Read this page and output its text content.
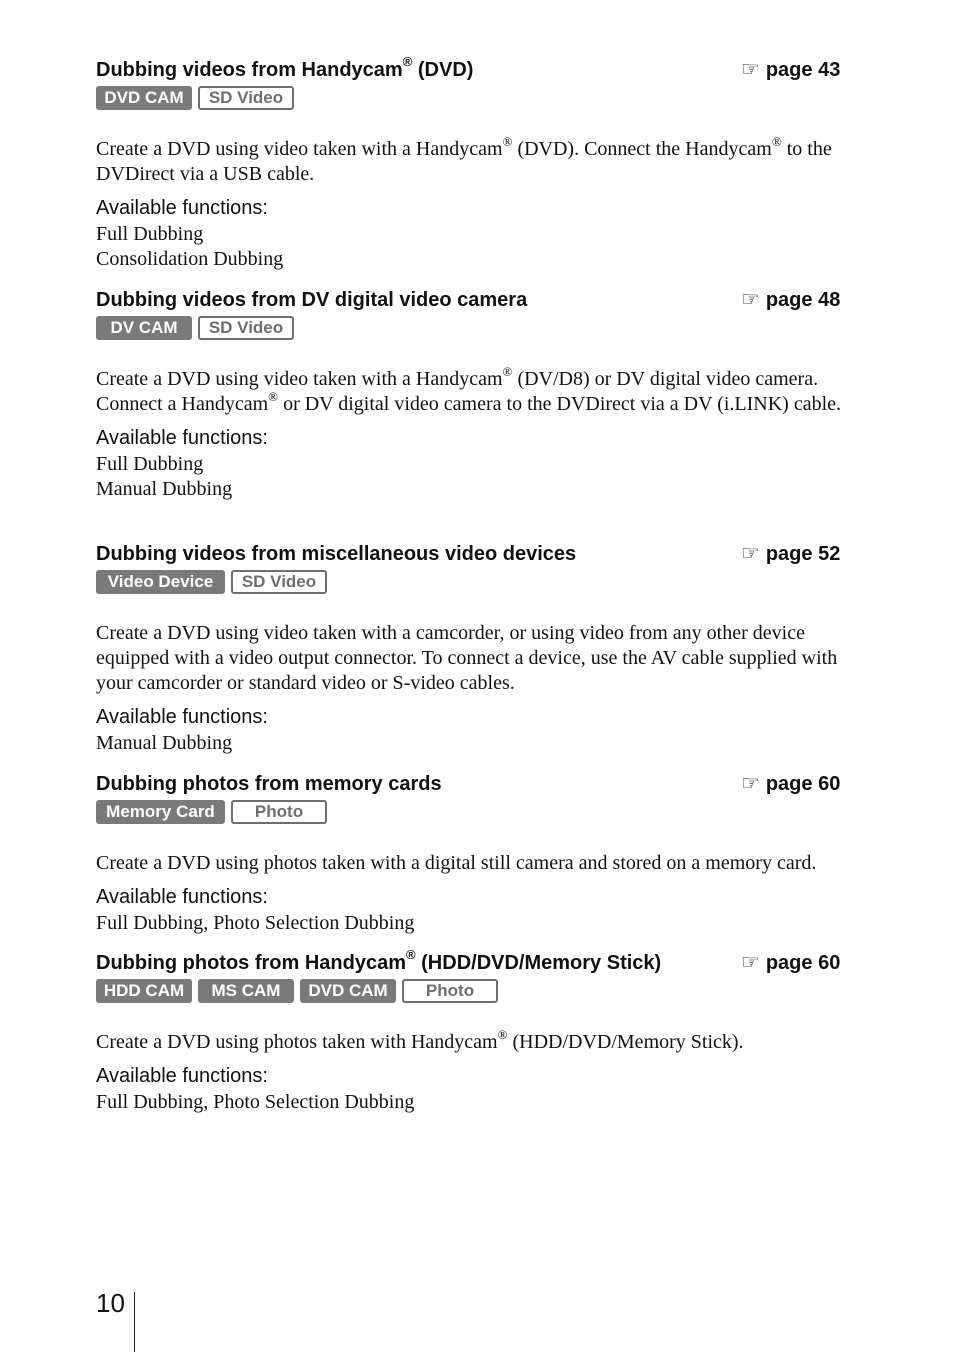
Dubbing videos from Handycam® (DVD)	☞ page 43
DVD CAM	SD Video
Create a DVD using video taken with a Handycam® (DVD). Connect the Handycam® to the DVDirect via a USB cable.
Available functions:
Full Dubbing
Consolidation Dubbing
Dubbing videos from DV digital video camera	☞ page 48
DV CAM	SD Video
Create a DVD using video taken with a Handycam® (DV/D8) or DV digital video camera. Connect a Handycam® or DV digital video camera to the DVDirect via a DV (i.LINK) cable.
Available functions:
Full Dubbing
Manual Dubbing
Dubbing videos from miscellaneous video devices	☞ page 52
Video Device	SD Video
Create a DVD using video taken with a camcorder, or using video from any other device equipped with a video output connector. To connect a device, use the AV cable supplied with your camcorder or standard video or S-video cables.
Available functions:
Manual Dubbing
Dubbing photos from memory cards	☞ page 60
Memory Card	Photo
Create a DVD using photos taken with a digital still camera and stored on a memory card.
Available functions:
Full Dubbing, Photo Selection Dubbing
Dubbing photos from Handycam® (HDD/DVD/Memory Stick)	☞ page 60
HDD CAM	MS CAM	DVD CAM	Photo
Create a DVD using photos taken with Handycam® (HDD/DVD/Memory Stick).
Available functions:
Full Dubbing, Photo Selection Dubbing
10
